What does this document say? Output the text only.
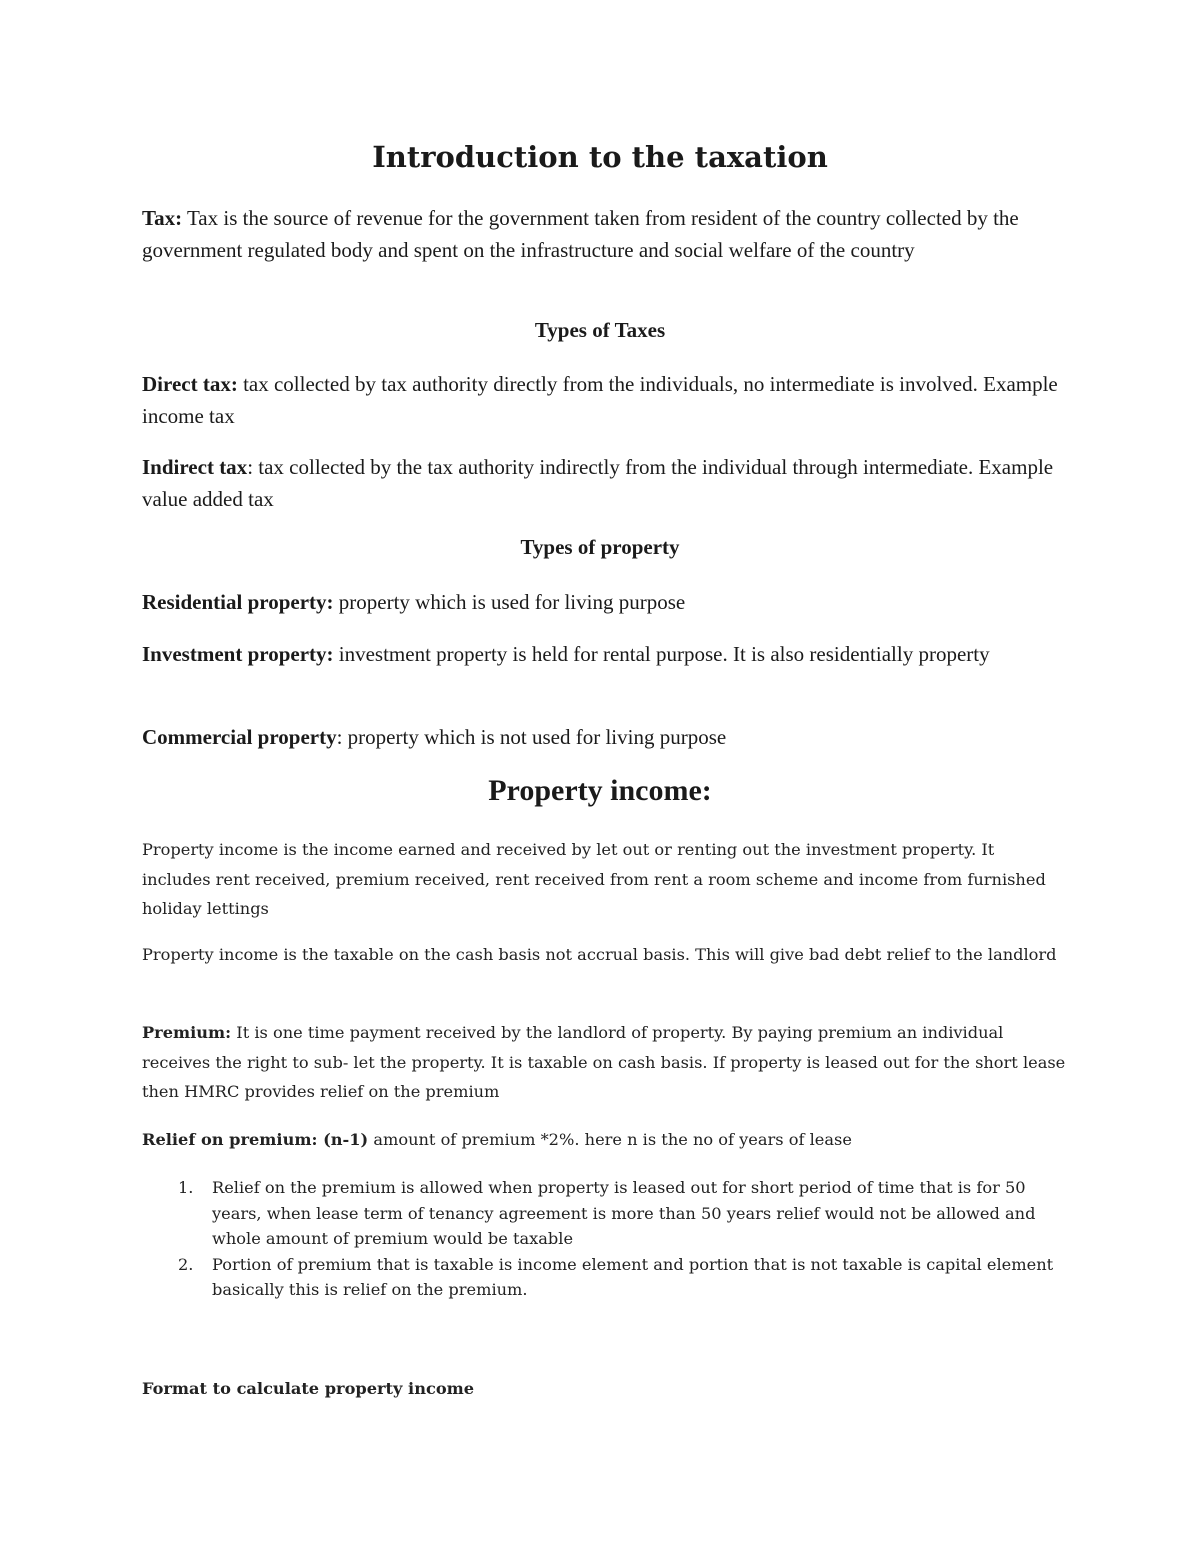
Introduction to the taxation
Tax: Tax is the source of revenue for the government taken from resident of the country collected by the government regulated body and spent on the infrastructure and social welfare of the country
Types of Taxes
Direct tax: tax collected by tax authority directly from the individuals, no intermediate is involved. Example income tax
Indirect tax: tax collected by the tax authority indirectly from the individual through intermediate. Example value added tax
Types of property
Residential property: property which is used for living purpose
Investment property: investment property is held for rental purpose. It is also residentially property
Commercial property: property which is not used for living purpose
Property income:
Property income is the income earned and received by let out or renting out the investment property. It includes rent received, premium received, rent received from rent a room scheme and income from furnished holiday lettings
Property income is the taxable on the cash basis not accrual basis. This will give bad debt relief to the landlord
Premium: It is one time payment received by the landlord of property. By paying premium an individual receives the right to sub- let the property. It is taxable on cash basis. If property is leased out for the short lease then HMRC provides relief on the premium
Relief on premium: (n-1) amount of premium *2%. here n is the no of years of lease
1. Relief on the premium is allowed when property is leased out for short period of time that is for 50 years, when lease term of tenancy agreement is more than 50 years relief would not be allowed and whole amount of premium would be taxable
2. Portion of premium that is taxable is income element and portion that is not taxable is capital element basically this is relief on the premium.
Format to calculate property income
